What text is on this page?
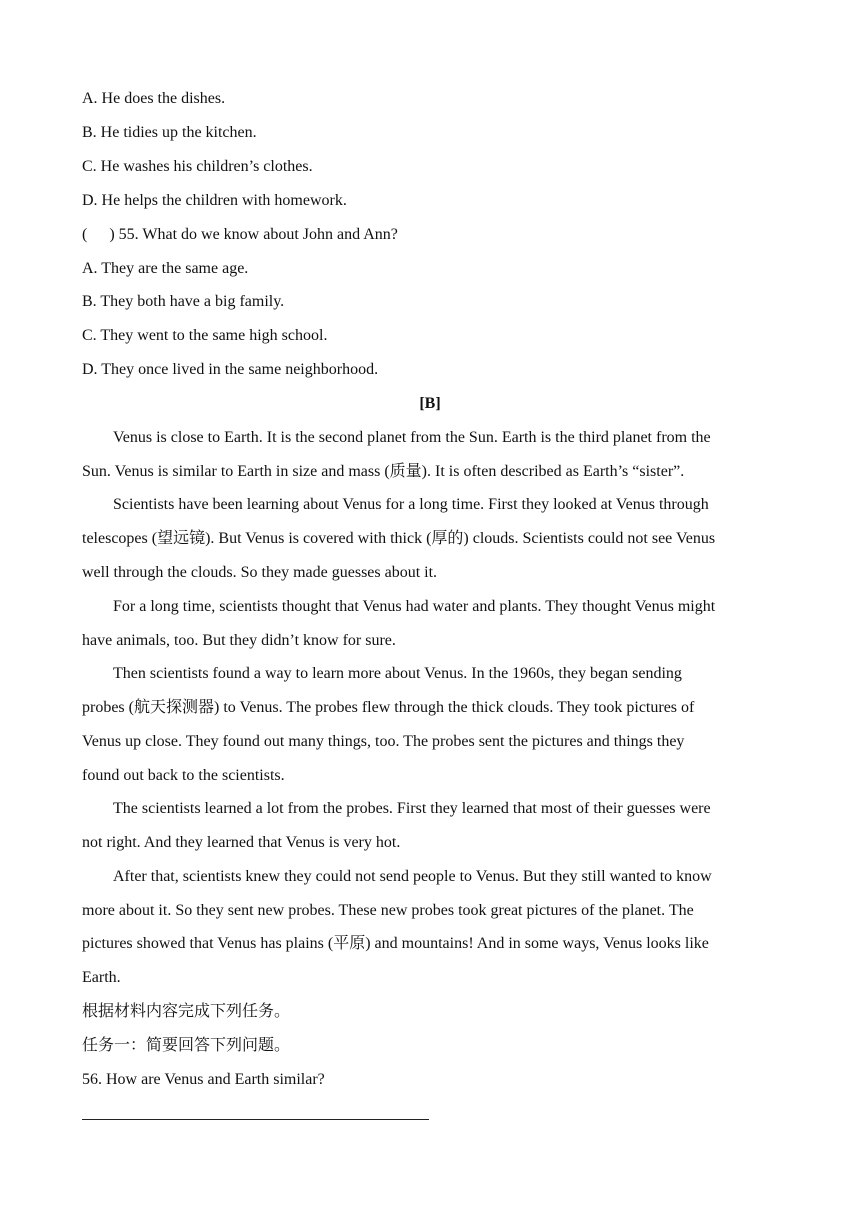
A. He does the dishes.
B. He tidies up the kitchen.
C. He washes his children’s clothes.
D. He helps the children with homework.
( ) 55. What do we know about John and Ann?
A. They are the same age.
B. They both have a big family.
C. They went to the same high school.
D. They once lived in the same neighborhood.
[B]
Venus is close to Earth. It is the second planet from the Sun. Earth is the third planet from the
Sun. Venus is similar to Earth in size and mass (质量). It is often described as Earth’s “sister”.
Scientists have been learning about Venus for a long time. First they looked at Venus through
telescopes (望远镜). But Venus is covered with thick (厚的) clouds. Scientists could not see Venus
well through the clouds. So they made guesses about it.
For a long time, scientists thought that Venus had water and plants. They thought Venus might
have animals, too. But they didn’t know for sure.
Then scientists found a way to learn more about Venus. In the 1960s, they began sending
probes (航天探测器) to Venus. The probes flew through the thick clouds. They took pictures of
Venus up close. They found out many things, too. The probes sent the pictures and things they
found out back to the scientists.
The scientists learned a lot from the probes. First they learned that most of their guesses were
not right. And they learned that Venus is very hot.
After that, scientists knew they could not send people to Venus. But they still wanted to know
more about it. So they sent new probes. These new probes took great pictures of the planet. The
pictures showed that Venus has plains (平原) and mountains! And in some ways, Venus looks like
Earth.
根据材料内容完成下列任务。
任务一：简要回答下列问题。
56. How are Venus and Earth similar?
